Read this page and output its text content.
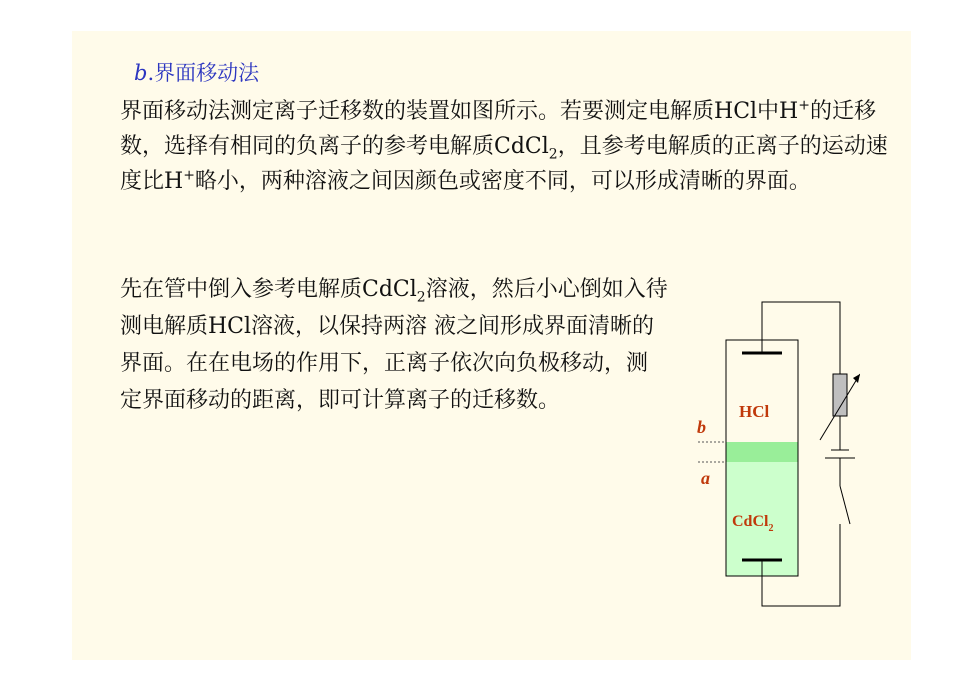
b.界面移动法

界面移动法测定离子迁移数的装置如图所示。若要测定电解质HCl中H+的迁移数，选择有相同的负离子的参考电解质CdCl$_2$，且参考电解质的正离子的运动速度比H+略小，两种溶液之间因颜色或密度不同，可以形成清晰的界面。

先在管中倒入参考电解质CdCl$_2$溶液，然后小心倒如入待测电解质HCl溶液，以保持两溶 液之间形成界面清晰的界面。在在电场的作用下，正离子依次向负极移动，测定界面移动的距离，即可计算离子的迁移数。	HCl
CdCl$_2$
b
a
